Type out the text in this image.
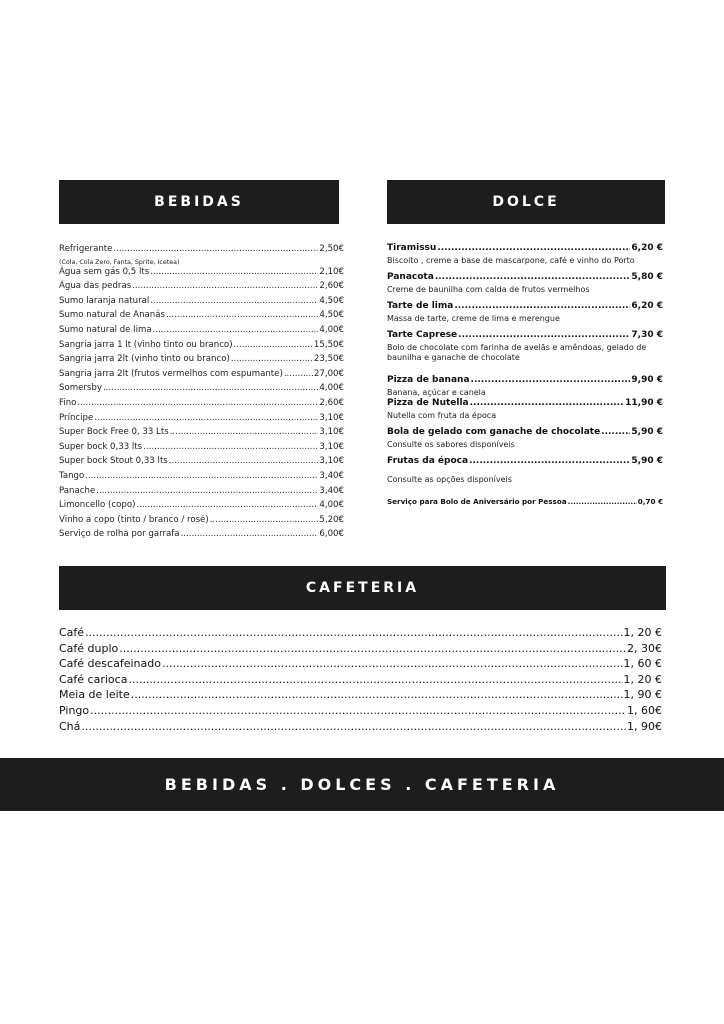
BEBIDAS	DOLCE
Refrigerante .....	2,50€
(Cola, Cola Zero, Fanta, Sprite, Icetea)
Água sem gás 0,5 lts .....	2,10€
Água das pedras .....	2,60€
Sumo laranja natural .....	4,50€
Sumo natural de Ananás .....	4,50€
Sumo natural de lima .....	4,00€
Sangria jarra 1 lt (vinho tinto ou branco) .....	15,50€
Sangria jarra 2lt (vinho tinto ou branco) .....	23,50€
Sangria jarra 2lt (frutos vermelhos com espumante) .....	27,00€
Somersby .....	4,00€
Fino .....	2,60€
Príncipe .....	3,10€
Super Bock Free 0, 33 Lts .....	3,10€
Super bock 0,33 lts .....	3,10€
Super bock Stout 0,33 lts .....	3,10€
Tango .....	3,40€
Panache .....	3,40€
Limoncello (copo) .....	4,00€
Vinho a copo (tinto / branco / rosé) .....	5,20€
Serviço de rolha por garrafa .....	6,00€
Tiramissu .....	6,20 €
Biscoito , creme a base de mascarpone, café e vinho do Porto
Panacota .....	5,80 €
Creme de baunilha com calda de frutos vermelhos
Tarte de lima .....	6,20 €
Massa de tarte, creme de lima e merengue
Tarte Caprese .....	7,30 €
Bolo de chocolate com farinha de avelãs e amêndoas, gelado de baunilha e ganache de chocolate
Pizza de banana .....	9,90 €
Banana, açúcar e canela
Pizza de Nutella .....	11,90 €
Nutella com fruta da época
Bola de gelado com ganache de chocolate .....	5,90 €
Consulte os sabores disponíveis
Frutas da época .....	5,90 €
Consulte as opções disponíveis
Serviço para Bolo de Aniversário por Pessoa .....	0,70 €
CAFETERIA
Café .....	1, 20 €
Café duplo .....	2, 30€
Café descafeinado .....	1, 60 €
Café carioca .....	1, 20 €
Meia de leite .....	1, 90 €
Pingo .....	1, 60€
Chá .....	1, 90€
BEBIDAS . DOLCES . CAFETERIA
